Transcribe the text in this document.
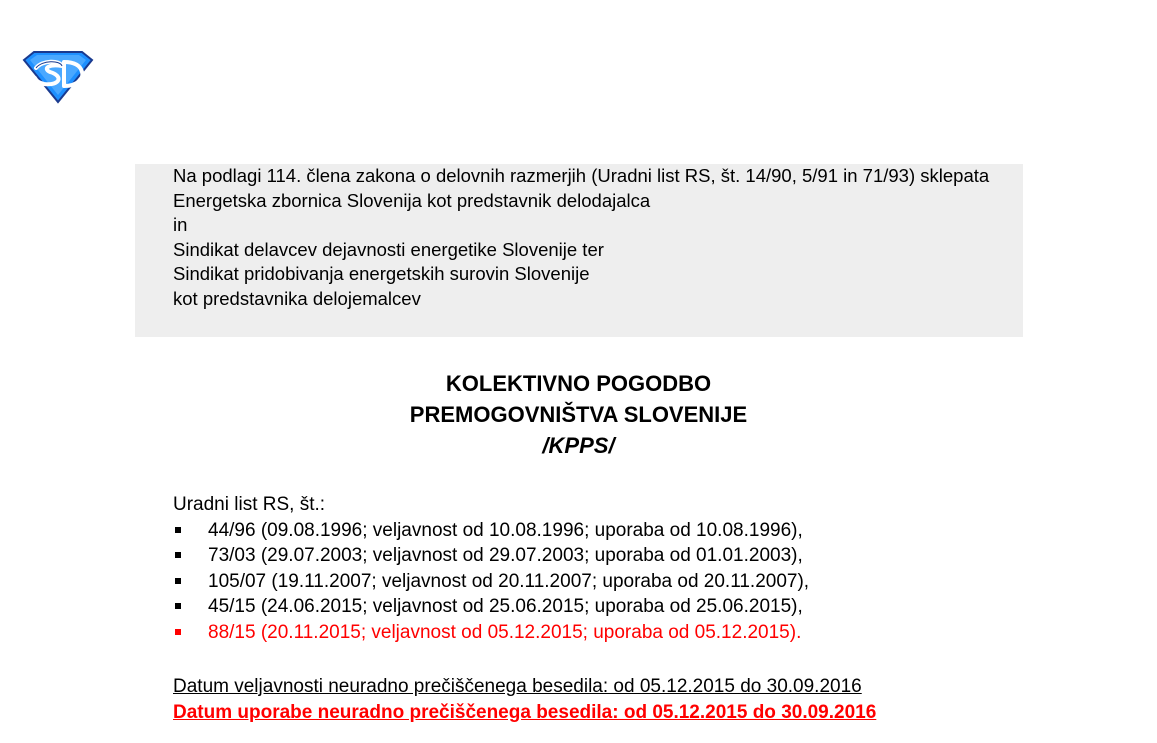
Na podlagi 114. člena zakona o delovnih razmerjih (Uradni list RS, št. 14/90, 5/91 in 71/93) sklepata

Energetska zbornica Slovenija kot predstavnik delodajalca

in

Sindikat delavcev dejavnosti energetike Slovenije ter

Sindikat pridobivanja energetskih surovin Slovenije

kot predstavnika delojemalcev

KOLEKTIVNO POGODBO
PREMOGOVNIŠTVA SLOVENIJE
/KPPS/

Uradni list RS, št.:

44/96 (09.08.1996; veljavnost od 10.08.1996; uporaba od 10.08.1996),
73/03 (29.07.2003; veljavnost od 29.07.2003; uporaba od 01.01.2003),
105/07 (19.11.2007; veljavnost od 20.11.2007; uporaba od 20.11.2007),
45/15 (24.06.2015; veljavnost od 25.06.2015; uporaba od 25.06.2015),
88/15 (20.11.2015; veljavnost od 05.12.2015; uporaba od 05.12.2015).

Datum veljavnosti neuradno prečiščenega besedila: od 05.12.2015 do 30.09.2016

Datum uporabe neuradno prečiščenega besedila: od 05.12.2015 do 30.09.2016
